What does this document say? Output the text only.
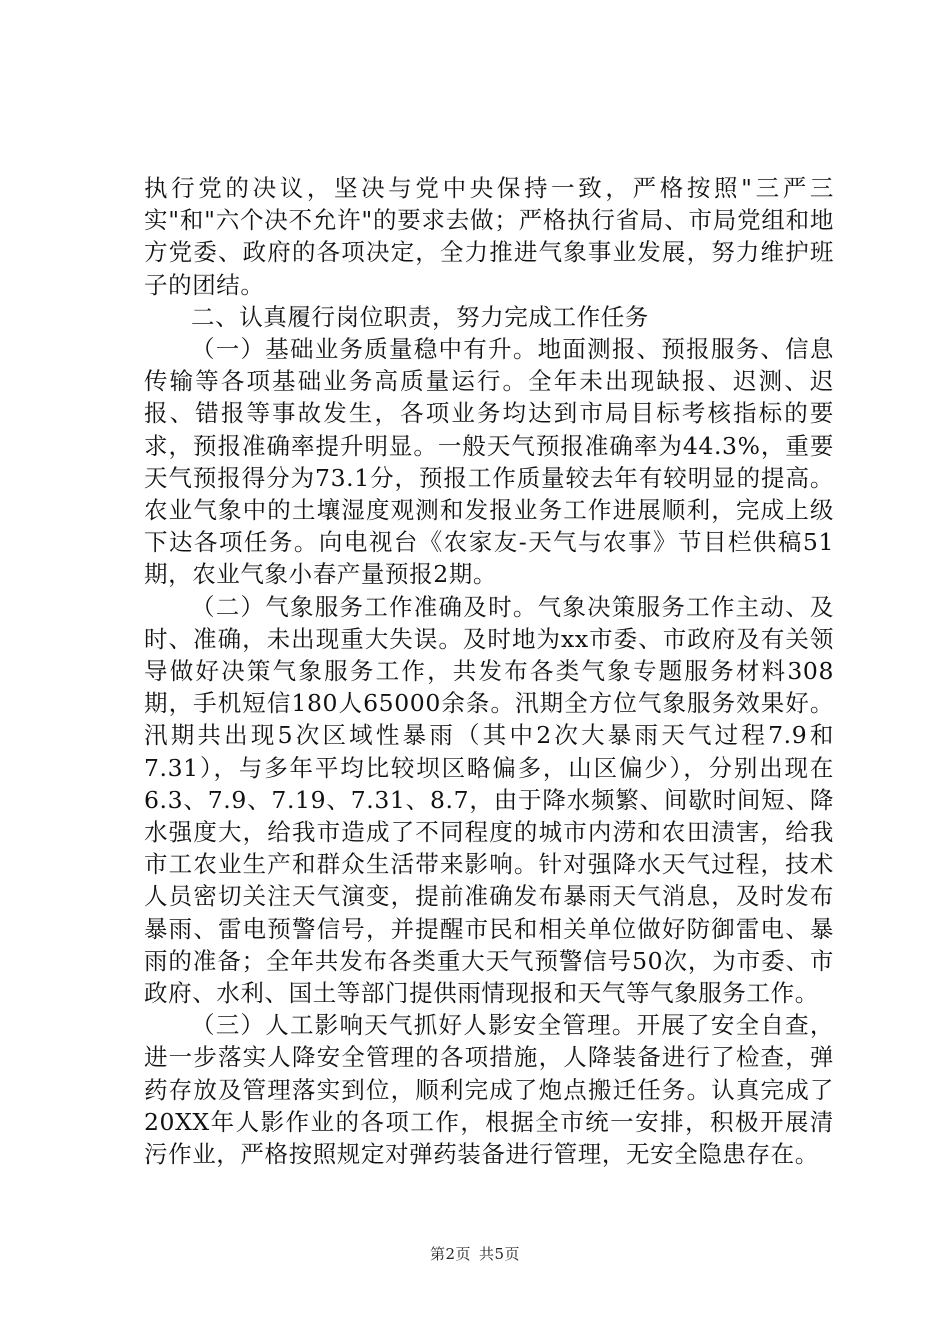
执行党的决议，坚决与党中央保持一致，严格按照"三严三实"和"六个决不允许"的要求去做；严格执行省局、市局党组和地方党委、政府的各项决定，全力推进气象事业发展，努力维护班子的团结。

二、认真履行岗位职责，努力完成工作任务

（一）基础业务质量稳中有升。地面测报、预报服务、信息传输等各项基础业务高质量运行。全年未出现缺报、迟测、迟报、错报等事故发生，各项业务均达到市局目标考核指标的要求，预报准确率提升明显。一般天气预报准确率为44.3%，重要天气预报得分为73.1分，预报工作质量较去年有较明显的提高。农业气象中的土壤湿度观测和发报业务工作进展顺利，完成上级下达各项任务。向电视台《农家友-天气与农事》节目栏供稿51期，农业气象小春产量预报2期。

（二）气象服务工作准确及时。气象决策服务工作主动、及时、准确，未出现重大失误。及时地为xx市委、市政府及有关领导做好决策气象服务工作，共发布各类气象专题服务材料308期，手机短信180人65000余条。汛期全方位气象服务效果好。汛期共出现5次区域性暴雨（其中2次大暴雨天气过程7.9和7.31），与多年平均比较坝区略偏多，山区偏少），分别出现在6.3、7.9、7.19、7.31、8.7，由于降水频繁、间歇时间短、降水强度大，给我市造成了不同程度的城市内涝和农田渍害，给我市工农业生产和群众生活带来影响。针对强降水天气过程，技术人员密切关注天气演变，提前准确发布暴雨天气消息，及时发布暴雨、雷电预警信号，并提醒市民和相关单位做好防御雷电、暴雨的准备；全年共发布各类重大天气预警信号50次，为市委、市政府、水利、国土等部门提供雨情现报和天气等气象服务工作。

（三）人工影响天气抓好人影安全管理。开展了安全自查，进一步落实人降安全管理的各项措施，人降装备进行了检查，弹药存放及管理落实到位，顺利完成了炮点搬迁任务。认真完成了20XX年人影作业的各项工作，根据全市统一安排，积极开展清污作业，严格按照规定对弹药装备进行管理，无安全隐患存在。

第2页 共5页
